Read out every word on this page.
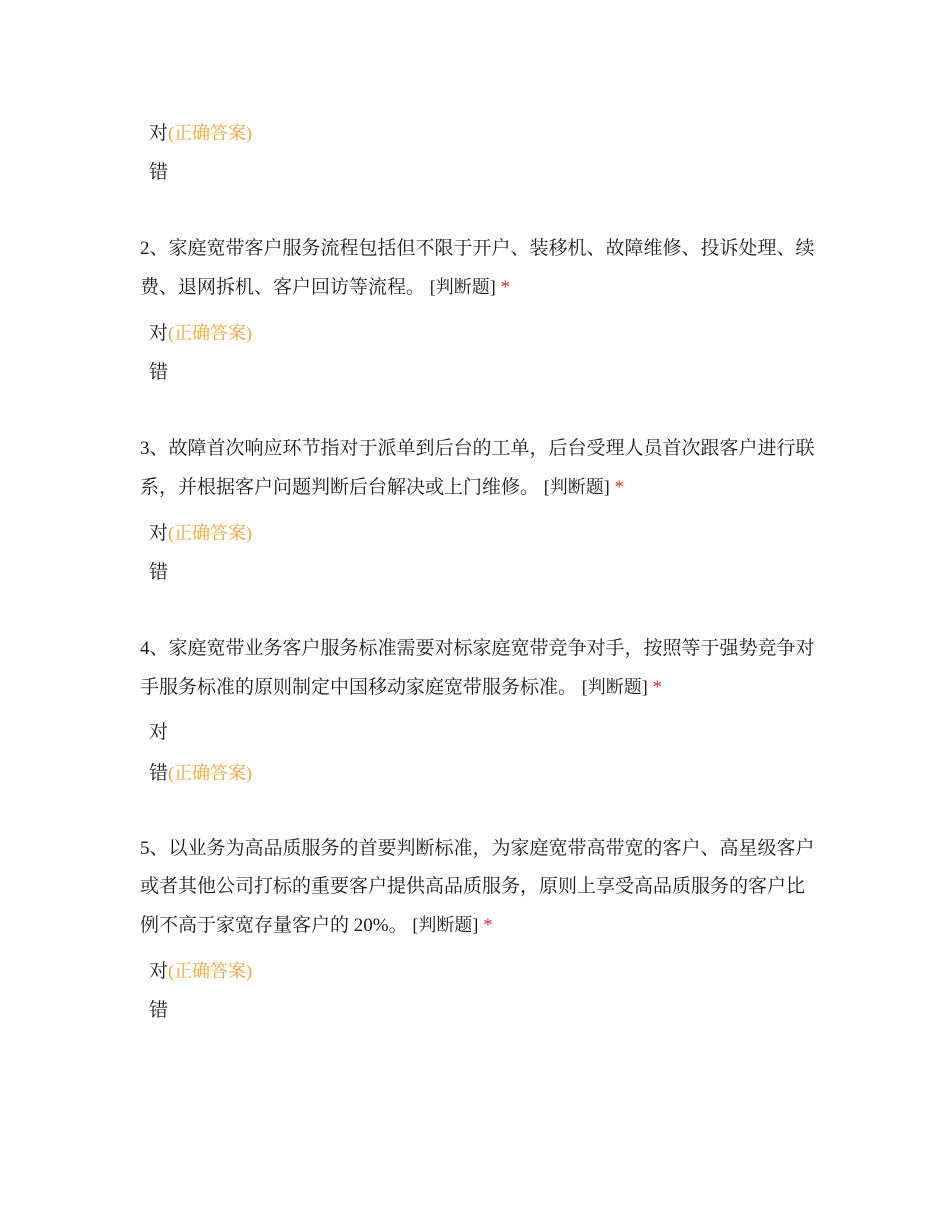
对(正确答案)
错

2、家庭宽带客户服务流程包括但不限于开户、装移机、故障维修、投诉处理、续费、退网拆机、客户回访等流程。 [判断题] *

对(正确答案)
错

3、故障首次响应环节指对于派单到后台的工单，后台受理人员首次跟客户进行联系，并根据客户问题判断后台解决或上门维修。 [判断题] *

对(正确答案)
错

4、家庭宽带业务客户服务标准需要对标家庭宽带竞争对手，按照等于强势竞争对手服务标准的原则制定中国移动家庭宽带服务标准。 [判断题] *

对
错(正确答案)

5、以业务为高品质服务的首要判断标准，为家庭宽带高带宽的客户、高星级客户或者其他公司打标的重要客户提供高品质服务，原则上享受高品质服务的客户比例不高于家宽存量客户的 20%。 [判断题] *

对(正确答案)
错
